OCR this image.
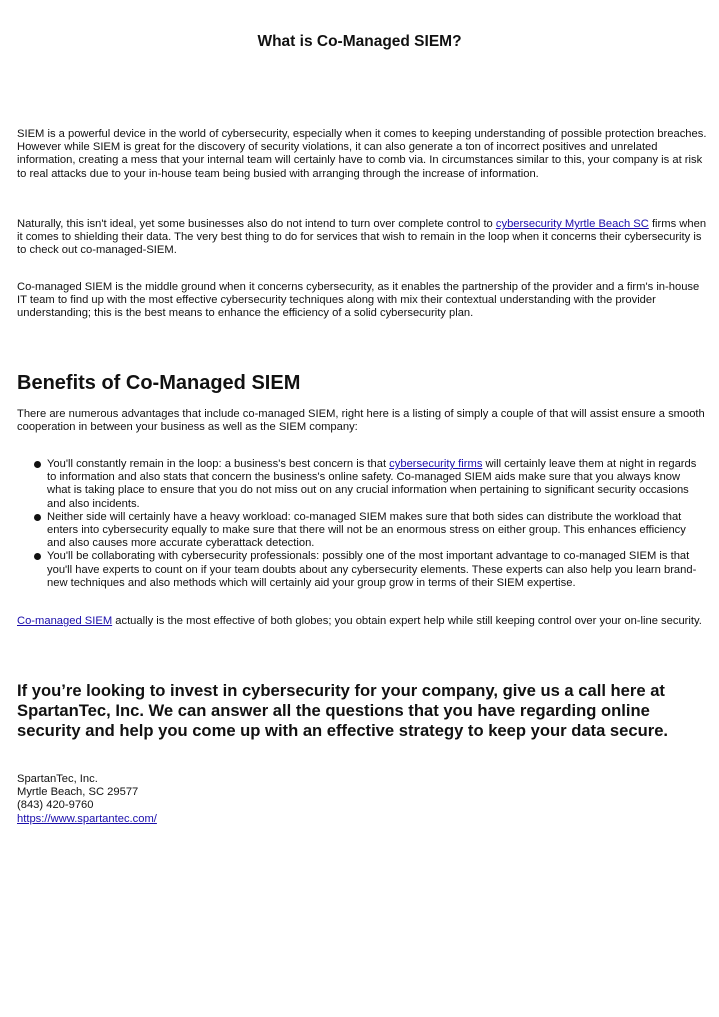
What is Co-Managed SIEM?

SIEM is a powerful device in the world of cybersecurity, especially when it comes to keeping understanding of possible protection breaches. However while SIEM is great for the discovery of security violations, it can also generate a ton of incorrect positives and unrelated information, creating a mess that your internal team will certainly have to comb via. In circumstances similar to this, your company is at risk to real attacks due to your in-house team being busied with arranging through the increase of information.

Naturally, this isn't ideal, yet some businesses also do not intend to turn over complete control to cybersecurity Myrtle Beach SC firms when it comes to shielding their data. The very best thing to do for services that wish to remain in the loop when it concerns their cybersecurity is to check out co-managed-SIEM.

Co-managed SIEM is the middle ground when it concerns cybersecurity, as it enables the partnership of the provider and a firm's in-house IT team to find up with the most effective cybersecurity techniques along with mix their contextual understanding with the provider understanding; this is the best means to enhance the efficiency of a solid cybersecurity plan.

Benefits of Co-Managed SIEM

There are numerous advantages that include co-managed SIEM, right here is a listing of simply a couple of that will assist ensure a smooth cooperation in between your business as well as the SIEM company:

You'll constantly remain in the loop: a business's best concern is that cybersecurity firms will certainly leave them at night in regards to information and also stats that concern the business's online safety. Co-managed SIEM aids make sure that you always know what is taking place to ensure that you do not miss out on any crucial information when pertaining to significant security occasions and also incidents.
Neither side will certainly have a heavy workload: co-managed SIEM makes sure that both sides can distribute the workload that enters into cybersecurity equally to make sure that there will not be an enormous stress on either group. This enhances efficiency and also causes more accurate cyberattack detection.
You'll be collaborating with cybersecurity professionals: possibly one of the most important advantage to co-managed SIEM is that you'll have experts to count on if your team doubts about any cybersecurity elements. These experts can also help you learn brand-new techniques and also methods which will certainly aid your group grow in terms of their SIEM expertise.

Co-managed SIEM actually is the most effective of both globes; you obtain expert help while still keeping control over your on-line security.

If you’re looking to invest in cybersecurity for your company, give us a call here at SpartanTec, Inc. We can answer all the questions that you have regarding online security and help you come up with an effective strategy to keep your data secure.
SpartanTec, Inc.
Myrtle Beach, SC 29577
(843) 420-9760
https://www.spartantec.com/
